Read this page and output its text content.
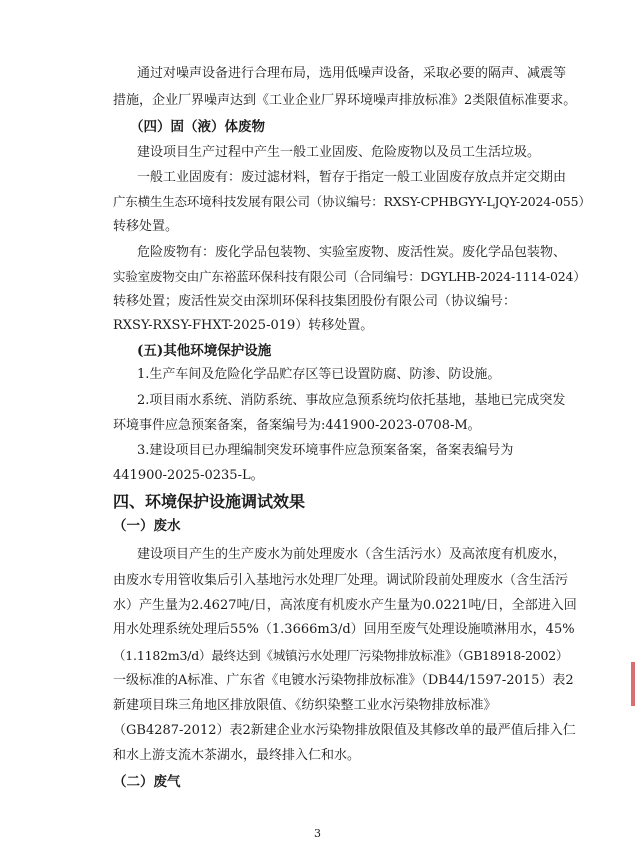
通过对噪声设备进行合理布局，选用低噪声设备，采取必要的隔声、减震等
措施，企业厂界噪声达到《工业企业厂界环境噪声排放标准》2类限值标准要求。
（四）固（液）体废物
建设项目生产过程中产生一般工业固废、危险废物以及员工生活垃圾。
一般工业固废有：废过滤材料，暂存于指定一般工业固废存放点并定交期由
广东横生生态环境科技发展有限公司（协议编号：RXSY-CPHBGYY-LJQY-2024-055）
转移处置。
危险废物有：废化学品包装物、实验室废物、废活性炭。废化学品包装物、
实验室废物交由广东裕蓝环保科技有限公司（合同编号：DGYLHB-2024-1114-024）
转移处置；废活性炭交由深圳环保科技集团股份有限公司（协议编号：
RXSY-RXSY-FHXT-2025-019）转移处置。
(五)其他环境保护设施
1.生产车间及危险化学品贮存区等已设置防腐、防渗、防设施。
2.项目雨水系统、消防系统、事故应急预系统均依托基地，基地已完成突发
环境事件应急预案备案，备案编号为:441900-2023-0708-M。
3.建设项目已办理编制突发环境事件应急预案备案，备案表编号为
441900-2025-0235-L。
四、环境保护设施调试效果
（一）废水
建设项目产生的生产废水为前处理废水（含生活污水）及高浓度有机废水，
由废水专用管收集后引入基地污水处理厂处理。调试阶段前处理废水（含生活污
水）产生量为2.4627吨/日，高浓度有机废水产生量为0.0221吨/日，全部进入回
用水处理系统处理后55%（1.3666m3/d）回用至废气处理设施喷淋用水，45%
（1.1182m3/d）最终达到《城镇污水处理厂污染物排放标准》（GB18918-2002）
一级标准的A标准、广东省《电镀水污染物排放标准》（DB44/1597-2015）表2
新建项目珠三角地区排放限值、《纺织染整工业水污染物排放标准》
（GB4287-2012）表2新建企业水污染物排放限值及其修改单的最严值后排入仁
和水上游支流木茶湖水，最终排入仁和水。
（二）废气
3
